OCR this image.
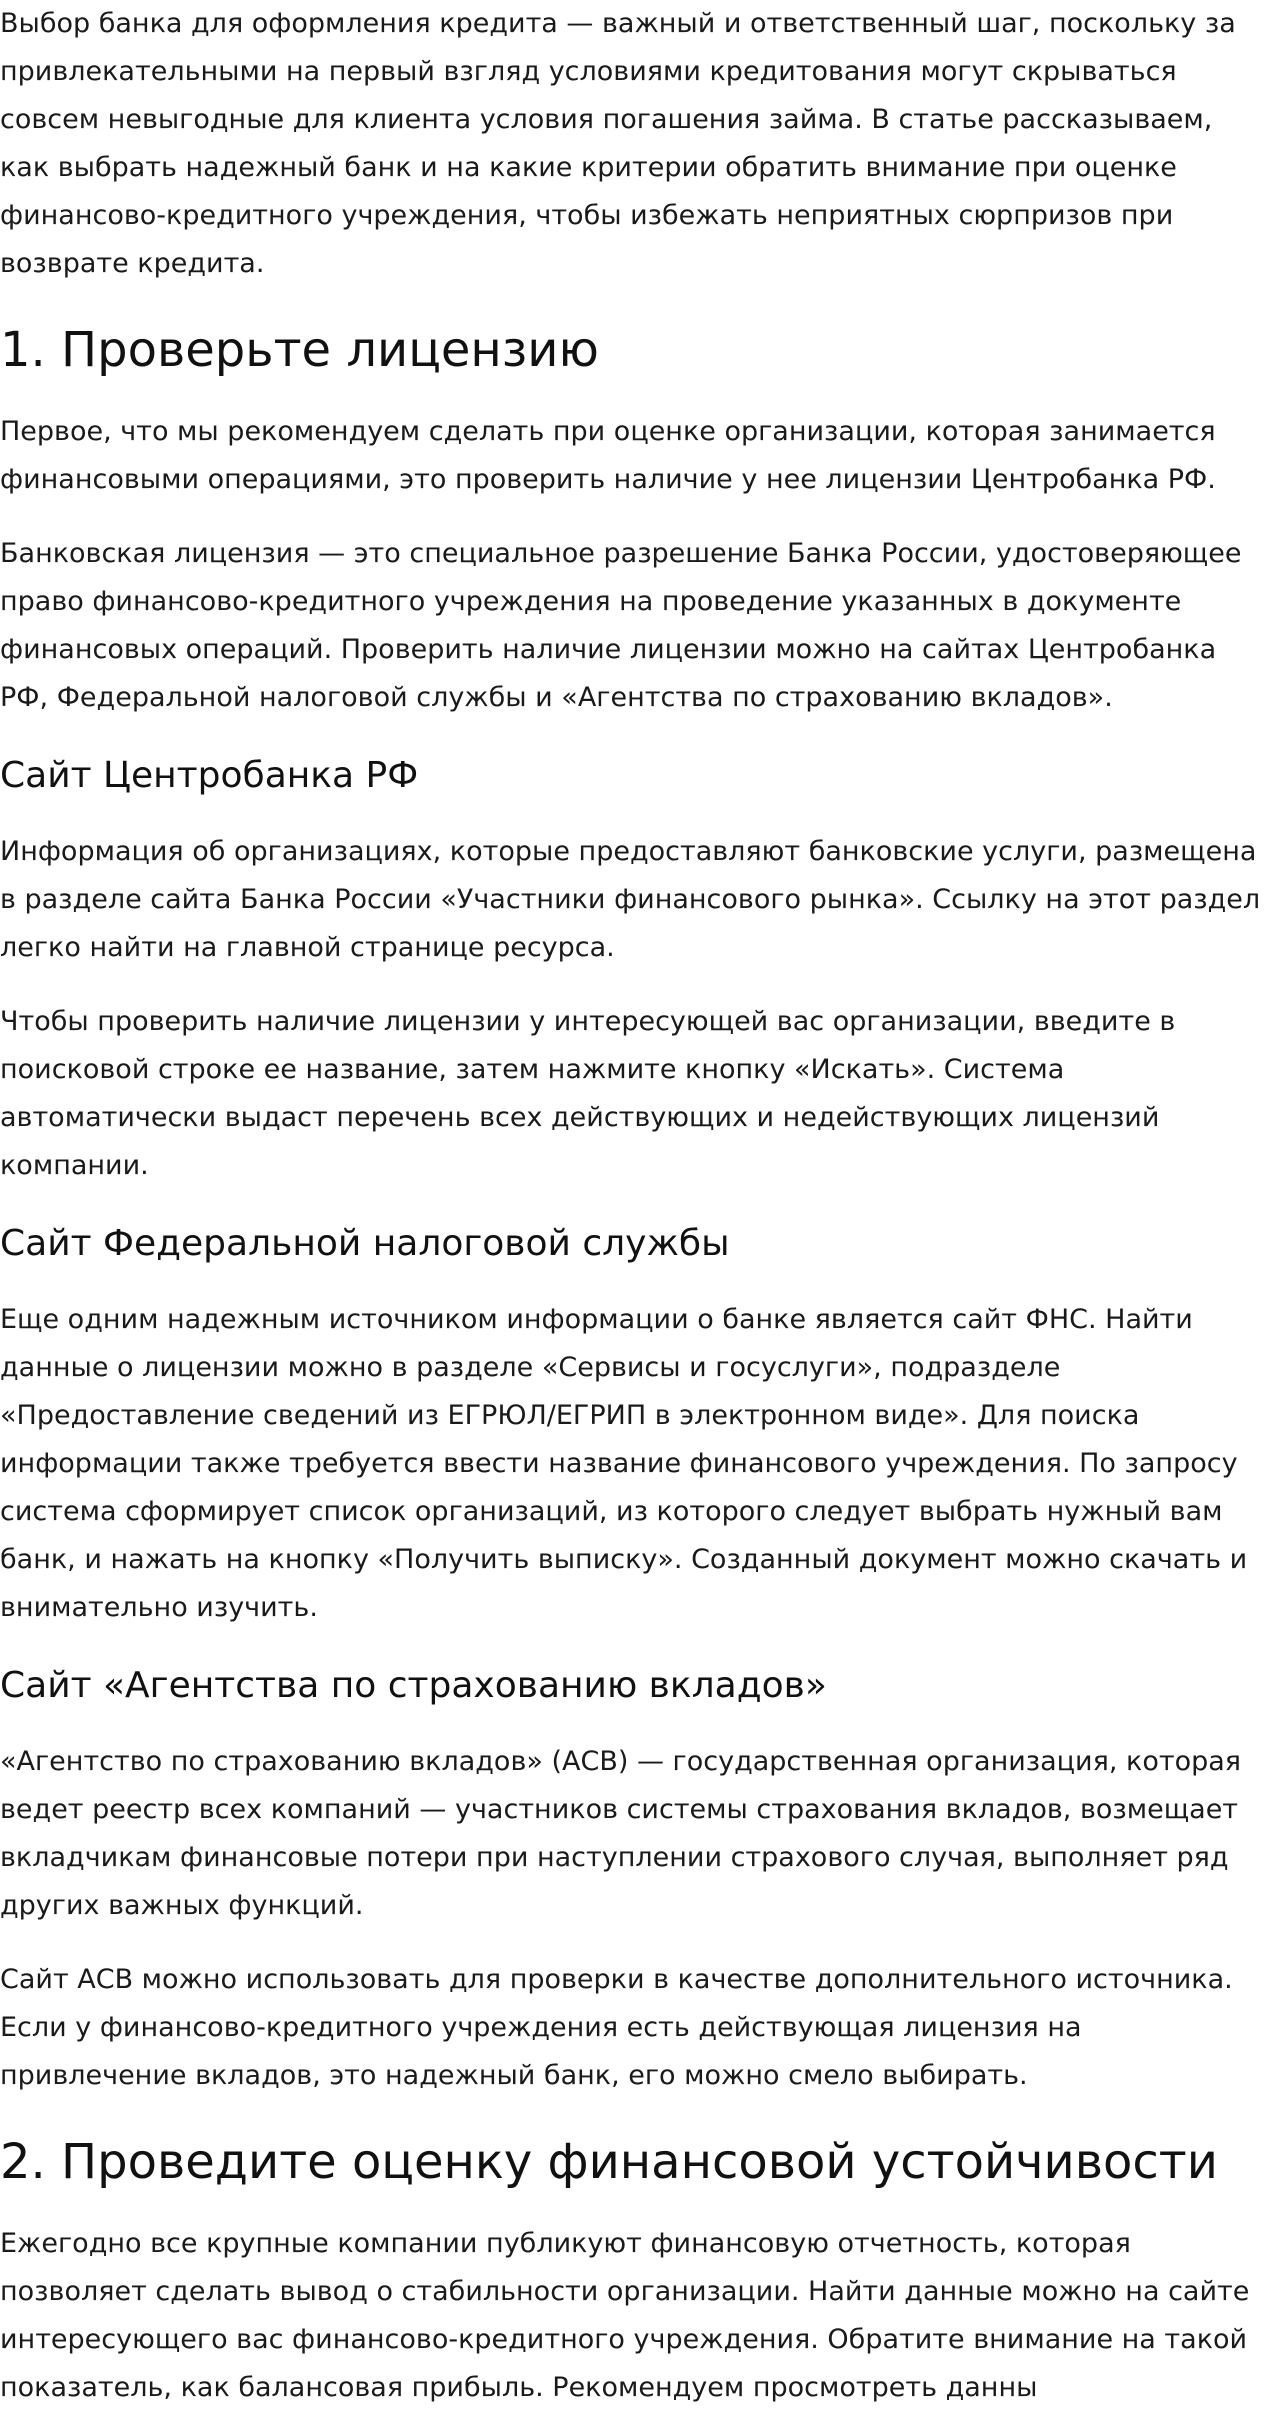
Выбор банка для оформления кредита — важный и ответственный шаг, поскольку за привлекательными на первый взгляд условиями кредитования могут скрываться совсем невыгодные для клиента условия погашения займа. В статье рассказываем, как выбрать надежный банк и на какие критерии обратить внимание при оценке финансово-кредитного учреждения, чтобы избежать неприятных сюрпризов при возврате кредита.

1. Проверьте лицензию

Первое, что мы рекомендуем сделать при оценке организации, которая занимается финансовыми операциями, это проверить наличие у нее лицензии Центробанка РФ.

Банковская лицензия — это специальное разрешение Банка России, удостоверяющее право финансово-кредитного учреждения на проведение указанных в документе финансовых операций. Проверить наличие лицензии можно на сайтах Центробанка РФ, Федеральной налоговой службы и «Агентства по страхованию вкладов».

Сайт Центробанка РФ

Информация об организациях, которые предоставляют банковские услуги, размещена в разделе сайта Банка России «Участники финансового рынка». Ссылку на этот раздел легко найти на главной странице ресурса.

Чтобы проверить наличие лицензии у интересующей вас организации, введите в поисковой строке ее название, затем нажмите кнопку «Искать». Система автоматически выдаст перечень всех действующих и недействующих лицензий компании.

Сайт Федеральной налоговой службы

Еще одним надежным источником информации о банке является сайт ФНС. Найти данные о лицензии можно в разделе «Сервисы и госуслуги», подразделе «Предоставление сведений из ЕГРЮЛ/ЕГРИП в электронном виде». Для поиска информации также требуется ввести название финансового учреждения. По запросу система сформирует список организаций, из которого следует выбрать нужный вам банк, и нажать на кнопку «Получить выписку». Созданный документ можно скачать и внимательно изучить.

Сайт «Агентства по страхованию вкладов»

«Агентство по страхованию вкладов» (АСВ) — государственная организация, которая ведет реестр всех компаний — участников системы страхования вкладов, возмещает вкладчикам финансовые потери при наступлении страхового случая, выполняет ряд других важных функций.

Сайт АСВ можно использовать для проверки в качестве дополнительного источника. Если у финансово-кредитного учреждения есть действующая лицензия на привлечение вкладов, это надежный банк, его можно смело выбирать.

2. Проведите оценку финансовой устойчивости

Ежегодно все крупные компании публикуют финансовую отчетность, которая позволяет сделать вывод о стабильности организации. Найти данные можно на сайте интересующего вас финансово-кредитного учреждения. Обратите внимание на такой показатель, как балансовая прибыль. Рекомендуем просмотреть данны
